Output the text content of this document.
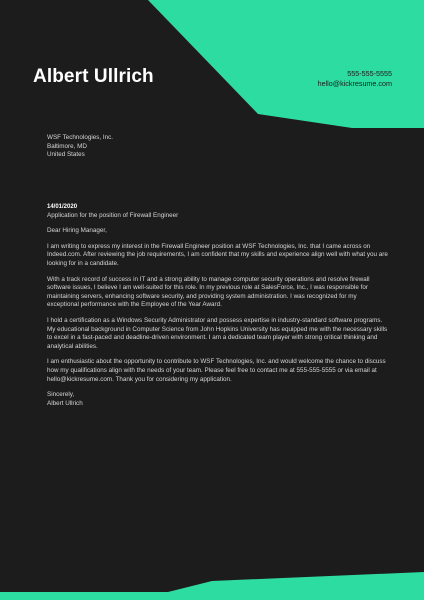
Albert Ullrich	555-555-5555
hello@kickresume.com
WSF Technologies, Inc.
Baltimore, MD
United States
14/01/2020

Application for the position of Firewall Engineer

Dear Hiring Manager,

I am writing to express my interest in the Firewall Engineer position at WSF Technologies, Inc. that I came across on Indeed.com. After reviewing the job requirements, I am confident that my skills and experience align well with what you are looking for in a candidate.

With a track record of success in IT and a strong ability to manage computer security operations and resolve firewall software issues, I believe I am well-suited for this role. In my previous role at SalesForce, Inc., I was responsible for maintaining servers, enhancing software security, and providing system administration. I was recognized for my exceptional performance with the Employee of the Year Award.

I hold a certification as a Windows Security Administrator and possess expertise in industry-standard software programs. My educational background in Computer Science from John Hopkins University has equipped me with the necessary skills to excel in a fast-paced and deadline-driven environment. I am a dedicated team player with strong critical thinking and analytical abilities.

I am enthusiastic about the opportunity to contribute to WSF Technologies, Inc. and would welcome the chance to discuss how my qualifications align with the needs of your team. Please feel free to contact me at 555-555-5555 or via email at hello@kickresume.com. Thank you for considering my application.

Sincerely,
Albert Ullrich
